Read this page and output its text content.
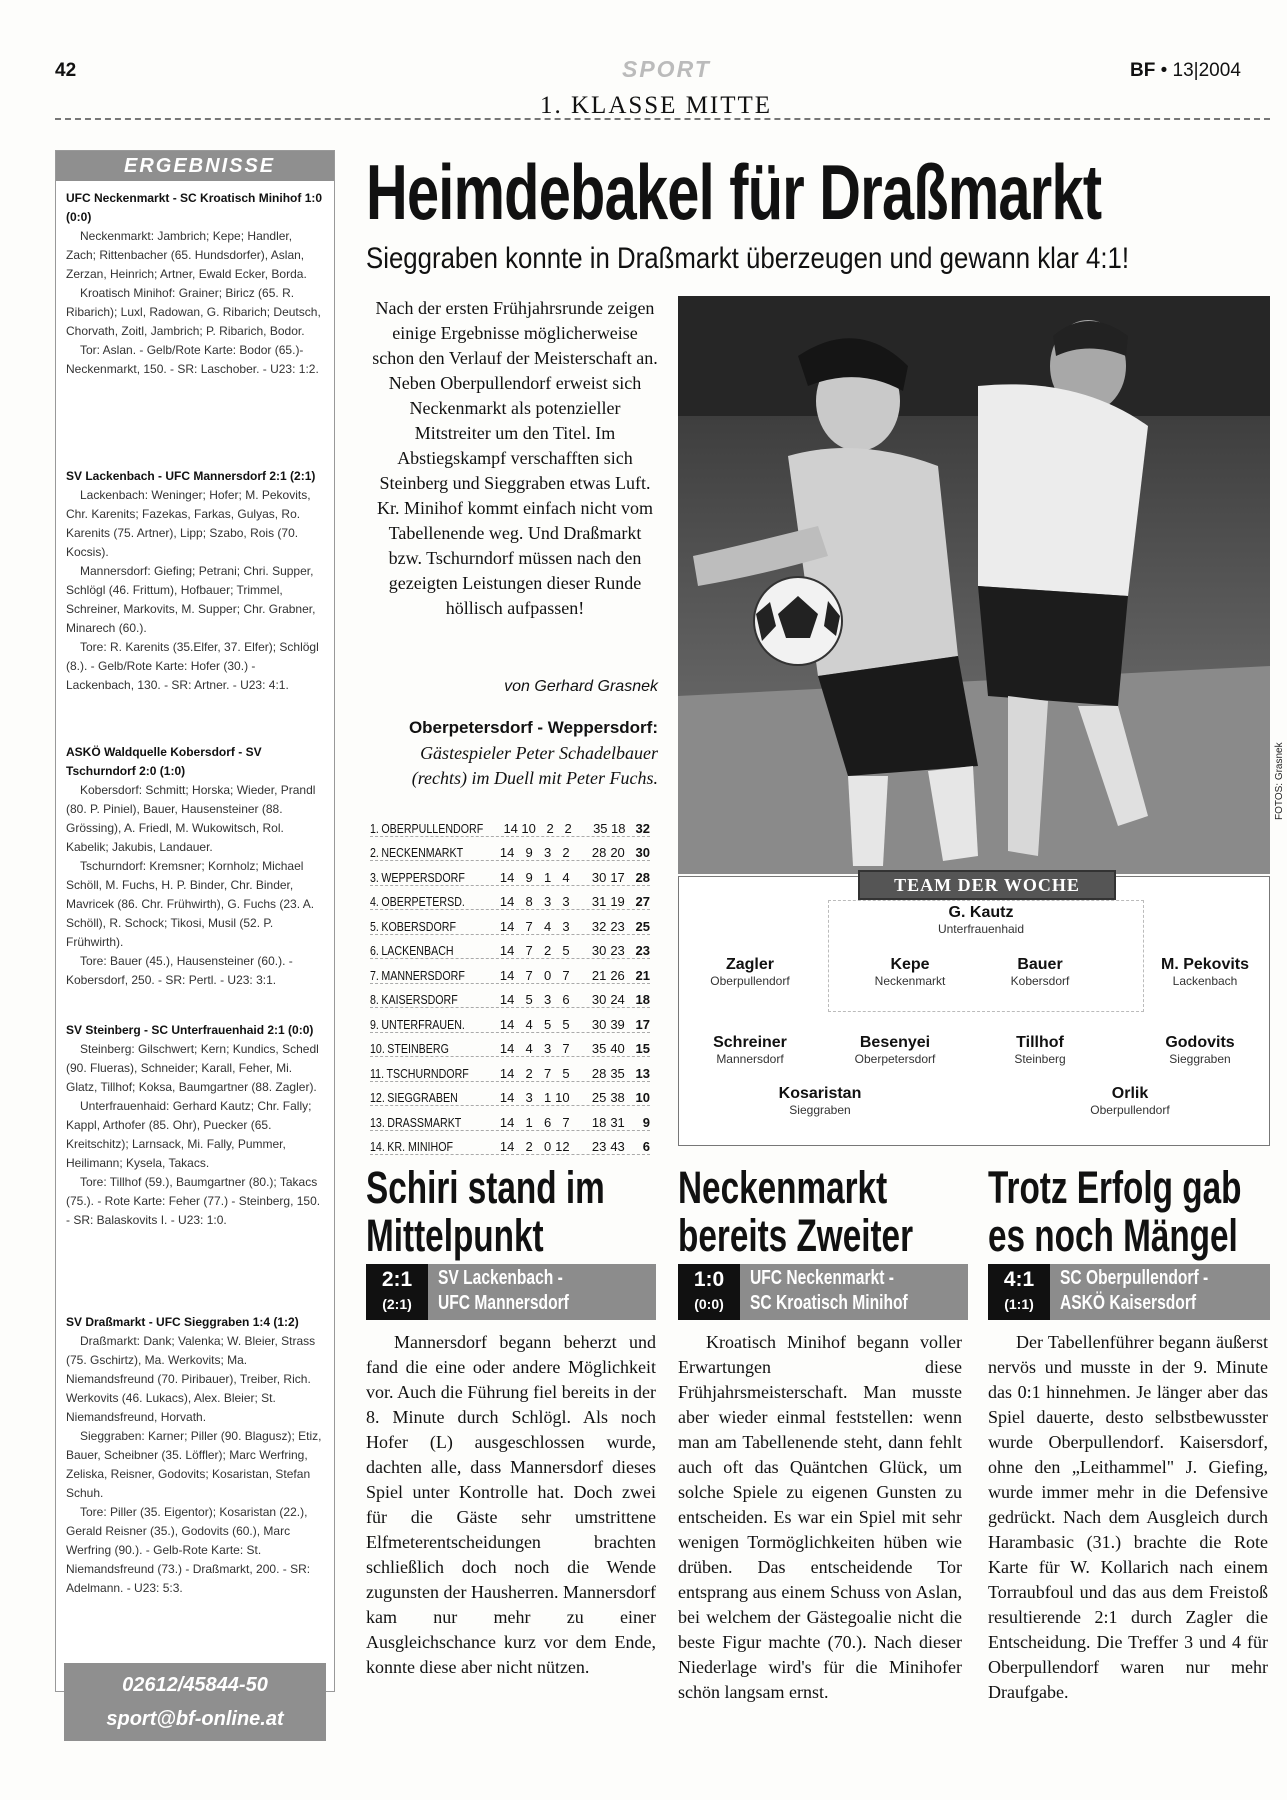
42	SPORT	BF • 13|2004
1. KLASSE MITTE
ERGEBNISSE

UFC Neckenmarkt - SC Kroatisch Minihof 1:0 (0:0)

Neckenmarkt: Jambrich; Kepe; Handler, Zach; Rittenbacher (65. Hundsdorfer), Aslan, Zerzan, Heinrich; Artner, Ewald Ecker, Borda.

Kroatisch Minihof: Grainer; Biricz (65. R. Ribarich); Luxl, Radowan, G. Ribarich; Deutsch, Chorvath, Zoitl, Jambrich; P. Ribarich, Bodor.

Tor: Aslan. - Gelb/Rote Karte: Bodor (65.)- Neckenmarkt, 150. - SR: Laschober. - U23: 1:2.

SV Lackenbach - UFC Mannersdorf 2:1 (2:1)

Lackenbach: Weninger; Hofer; M. Pekovits, Chr. Karenits; Fazekas, Farkas, Gulyas, Ro. Karenits (75. Artner), Lipp; Szabo, Rois (70. Kocsis).

Mannersdorf: Giefing; Petrani; Chri. Supper, Schlögl (46. Frittum), Hofbauer; Trimmel, Schreiner, Markovits, M. Supper; Chr. Grabner, Minarech (60.).

Tore: R. Karenits (35.Elfer, 37. Elfer); Schlögl (8.). - Gelb/Rote Karte: Hofer (30.) - Lackenbach, 130. - SR: Artner. - U23: 4:1.

ASKÖ Waldquelle Kobersdorf - SV Tschurndorf 2:0 (1:0)

Kobersdorf: Schmitt; Horska; Wieder, Prandl (80. P. Piniel), Bauer, Hausensteiner (88. Grössing), A. Friedl, M. Wukowitsch, Rol. Kabelik; Jakubis, Landauer.

Tschurndorf: Kremsner; Kornholz; Michael Schöll, M. Fuchs, H. P. Binder, Chr. Binder, Mavricek (86. Chr. Frühwirth), G. Fuchs (23. A. Schöll), R. Schock; Tikosi, Musil (52. P. Frühwirth).

Tore: Bauer (45.), Hausensteiner (60.). - Kobersdorf, 250. - SR: Pertl. - U23: 3:1.

SV Steinberg - SC Unterfrauenhaid 2:1 (0:0)

Steinberg: Gilschwert; Kern; Kundics, Schedl (90. Flueras), Schneider; Karall, Feher, Mi. Glatz, Tillhof; Koksa, Baumgartner (88. Zagler).

Unterfrauenhaid: Gerhard Kautz; Chr. Fally; Kappl, Arthofer (85. Ohr), Puecker (65. Kreitschitz); Larnsack, Mi. Fally, Pummer, Heilimann; Kysela, Takacs.

Tore: Tillhof (59.), Baumgartner (80.); Takacs (75.). - Rote Karte: Feher (77.) - Steinberg, 150. - SR: Balaskovits I. - U23: 1:0.

SV Draßmarkt - UFC Sieggraben 1:4 (1:2)

Draßmarkt: Dank; Valenka; W. Bleier, Strass (75. Gschirtz), Ma. Werkovits; Ma. Niemandsfreund (70. Piribauer), Treiber, Rich. Werkovits (46. Lukacs), Alex. Bleier; St. Niemandsfreund, Horvath.

Sieggraben: Karner; Piller (90. Blagusz); Etiz, Bauer, Scheibner (35. Löffler); Marc Werfring, Zeliska, Reisner, Godovits; Kosaristan, Stefan Schuh.

Tore: Piller (35. Eigentor); Kosaristan (22.), Gerald Reisner (35.), Godovits (60.), Marc Werfring (90.). - Gelb-Rote Karte: St. Niemandsfreund (73.) - Draßmarkt, 200. - SR: Adelmann. - U23: 5:3.

02612/45844-50
sport@bf-online.at
Heimdebakel für Draßmarkt
Sieggraben konnte in Draßmarkt überzeugen und gewann klar 4:1!
Nach der ersten Frühjahrsrunde zeigen einige Ergebnisse möglicherweise schon den Verlauf der Meisterschaft an. Neben Oberpullendorf erweist sich Neckenmarkt als potenzieller Mitstreiter um den Titel. Im Abstiegskampf verschafften sich Steinberg und Sieggraben etwas Luft. Kr. Minihof kommt einfach nicht vom Tabellenende weg. Und Draßmarkt bzw. Tschurndorf müssen nach den gezeigten Leistungen dieser Runde höllisch aufpassen!
von Gerhard Grasnek
Oberpetersdorf - Weppersdorf:
Gästespieler Peter Schadelbauer (rechts) im Duell mit Peter Fuchs.	FOTOS: Grasnek
1. OBERPULLENDORF 14 10 2 2	35 18 32
2. NECKENMARKT	14 9 3 2	28 20 30
3. WEPPERSDORF	14 9 1 4	30 17 28
4. OBERPETERSD.	14 8 3 3	31 19 27
5. KOBERSDORF	14 7 4 3	32 23 25
6. LACKENBACH	14 7 2 5	30 23 23
7. MANNERSDORF	14 7 0 7	21 26 21
8. KAISERSDORF	14 5 3 6	30 24 18
9. UNTERFRAUEN.	14 4 5 5	30 39 17
10. STEINBERG	14 4 3 7	35 40 15
11. TSCHURNDORF	14 2 7 5	28 35 13
12. SIEGGRABEN	14 3 1 10	25 38 10
13. DRASSMARKT	14 1 6 7	18 31	9
14. KR. MINIHOF	14 2 0 12	23 43	6
TEAM DER WOCHE
G. Kautz
Unterfrauenhaid
Zagler
Oberpullendorf
Kepe
Neckenmarkt
Bauer
Kobersdorf
M. Pekovits
Lackenbach
Schreiner
Mannersdorf
Besenyei
Oberpetersdorf
Tillhof
Steinberg
Godovits
Sieggraben
Kosaristan
Sieggraben
Orlik
Oberpullendorf
Schiri stand im
Mittelpunkt
2:1
(2:1)
SV Lackenbach -
UFC Mannersdorf

Mannersdorf begann beherzt und fand die eine oder andere Möglichkeit vor. Auch die Führung fiel bereits in der 8. Minute durch Schlögl. Als noch Hofer (L) ausgeschlossen wurde, dachten alle, dass Mannersdorf dieses Spiel unter Kontrolle hat. Doch zwei für die Gäste sehr umstrittene Elfmeterentscheidungen brachten schließlich doch noch die Wende zugunsten der Hausherren. Mannersdorf kam nur mehr zu einer Ausgleichschance kurz vor dem Ende, konnte diese aber nicht nützen.

Neckenmarkt
bereits Zweiter
1:0
(0:0)
UFC Neckenmarkt -
SC Kroatisch Minihof

Kroatisch Minihof begann voller Erwartungen diese Frühjahrsmeisterschaft. Man musste aber wieder einmal feststellen: wenn man am Tabellenende steht, dann fehlt auch oft das Quäntchen Glück, um solche Spiele zu eigenen Gunsten zu entscheiden. Es war ein Spiel mit sehr wenigen Tormöglichkeiten hüben wie drüben. Das entscheidende Tor entsprang aus einem Schuss von Aslan, bei welchem der Gästegoalie nicht die beste Figur machte (70.). Nach dieser Niederlage wird's für die Minihofer schön langsam ernst.

Trotz Erfolg gab
es noch Mängel
4:1
(1:1)
SC Oberpullendorf -
ASKÖ Kaisersdorf

Der Tabellenführer begann äußerst nervös und musste in der 9. Minute das 0:1 hinnehmen. Je länger aber das Spiel dauerte, desto selbstbewusster wurde Oberpullendorf. Kaisersdorf, ohne den „Leithammel" J. Giefing, wurde immer mehr in die Defensive gedrückt. Nach dem Ausgleich durch Harambasic (31.) brachte die Rote Karte für W. Kollarich nach einem Torraubfoul und das aus dem Freistoß resultierende 2:1 durch Zagler die Entscheidung. Die Treffer 3 und 4 für Oberpullendorf waren nur mehr Draufgabe.
